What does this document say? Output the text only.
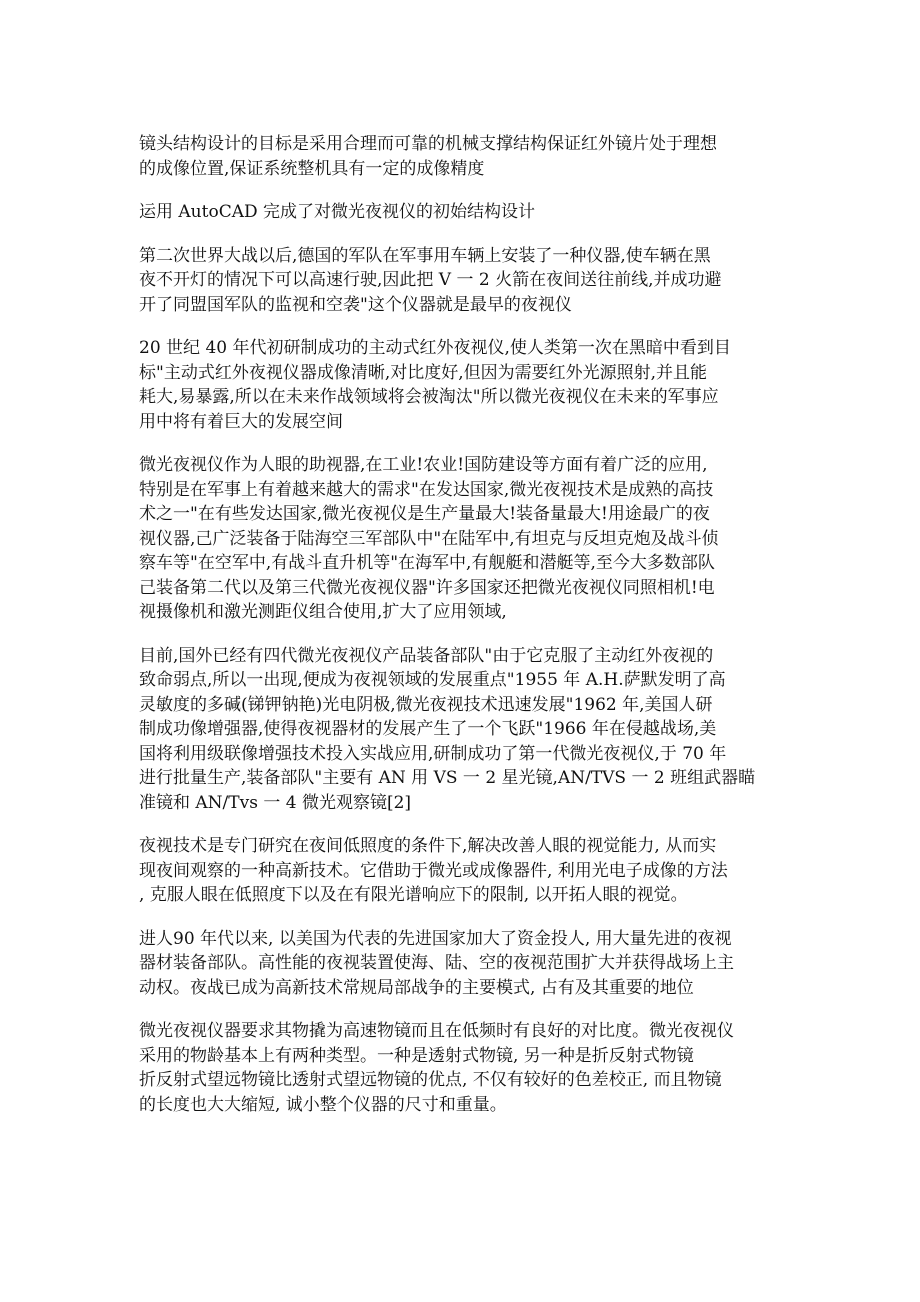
镜头结构设计的目标是采用合理而可靠的机械支撑结构保证红外镜片处于理想
的成像位置,保证系统整机具有一定的成像精度

运用 AutoCAD 完成了对微光夜视仪的初始结构设计

第二次世界大战以后,德国的军队在军事用车辆上安装了一种仪器,使车辆在黑
夜不开灯的情况下可以高速行驶,因此把 V 一 2 火箭在夜间送往前线,并成功避
开了同盟国军队的监视和空袭"这个仪器就是最早的夜视仪

20 世纪 40 年代初研制成功的主动式红外夜视仪,使人类第一次在黑暗中看到目
标"主动式红外夜视仪器成像清晰,对比度好,但因为需要红外光源照射,并且能
耗大,易暴露,所以在未来作战领域将会被淘汰"所以微光夜视仪在未来的军事应
用中将有着巨大的发展空间

微光夜视仪作为人眼的助视器,在工业!农业!国防建设等方面有着广泛的应用,
特别是在军事上有着越来越大的需求"在发达国家,微光夜视技术是成熟的高技
术之一"在有些发达国家,微光夜视仪是生产量最大!装备量最大!用途最广的夜
视仪器,己广泛装备于陆海空三军部队中"在陆军中,有坦克与反坦克炮及战斗侦
察车等"在空军中,有战斗直升机等"在海军中,有舰艇和潜艇等,至今大多数部队
己装备第二代以及第三代微光夜视仪器"许多国家还把微光夜视仪同照相机!电
视摄像机和激光测距仪组合使用,扩大了应用领域,

目前,国外已经有四代微光夜视仪产品装备部队"由于它克服了主动红外夜视的
致命弱点,所以一出现,便成为夜视领域的发展重点"1955 年 A.H.萨默发明了高
灵敏度的多碱(锑钾钠艳)光电阴极,微光夜视技术迅速发展"1962 年,美国人研
制成功像增强器,使得夜视器材的发展产生了一个飞跃"1966 年在侵越战场,美
国将利用级联像增强技术投入实战应用,研制成功了第一代微光夜视仪,于 70 年
进行批量生产,装备部队"主要有 AN 用 VS 一 2 星光镜,AN/TVS 一 2 班组武器瞄
准镜和 AN/Tvs 一 4 微光观察镜[2]

夜视技术是专门研究在夜间低照度的条件下,解决改善人眼的视觉能力, 从而实
现夜间观察的一种高新技术。它借助于微光或成像器件, 利用光电子成像的方法
, 克服人眼在低照度下以及在有限光谱响应下的限制, 以开拓人眼的视觉。

进人90 年代以来, 以美国为代表的先进国家加大了资金投人, 用大量先进的夜视
器材装备部队。高性能的夜视装置使海、陆、空的夜视范围扩大并获得战场上主
动权。夜战已成为高新技术常规局部战争的主要模式, 占有及其重要的地位

微光夜视仪器要求其物撬为高速物镜而且在低频时有良好的对比度。微光夜视仪
采用的物龄基本上有两种类型。一种是透射式物镜, 另一种是折反射式物镜
折反射式望远物镜比透射式望远物镜的优点, 不仅有较好的色差校正, 而且物镜
的长度也大大缩短, 诚小整个仪器的尺寸和重量。
